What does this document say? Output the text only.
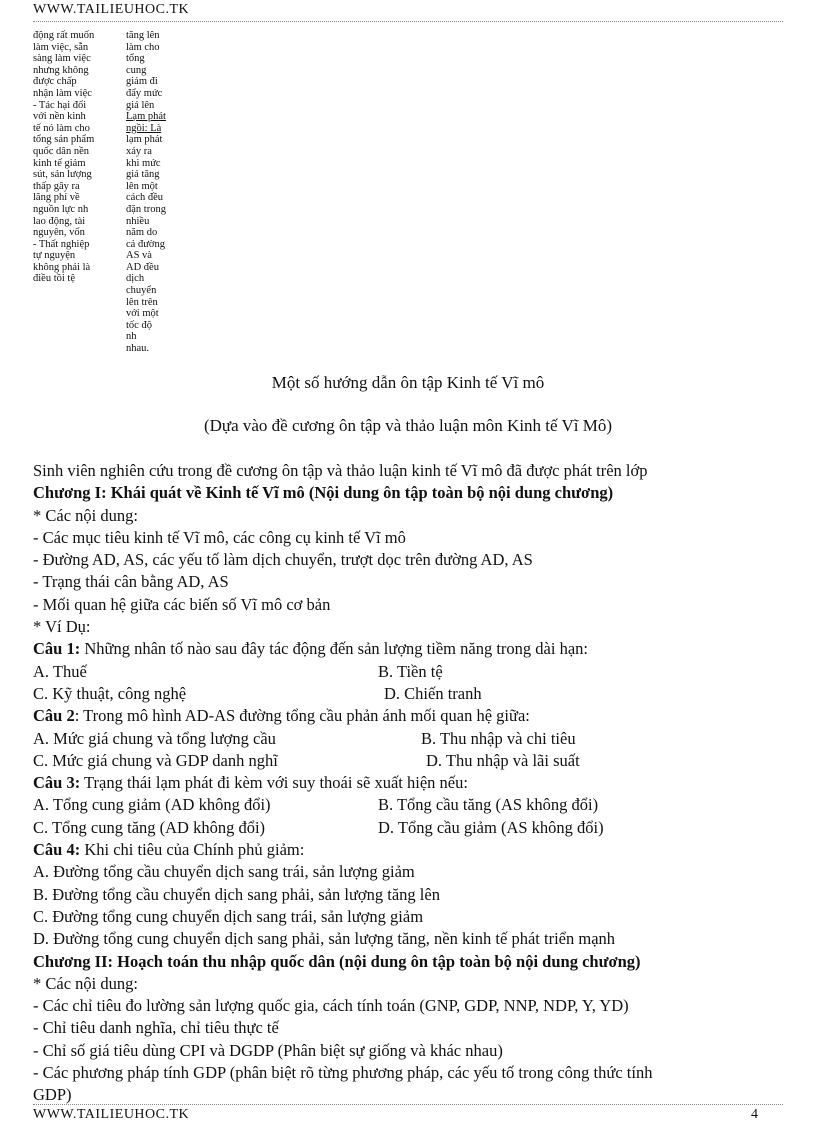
WWW.TAILIEUHOC.TK
động rất muốn
làm việc, sẵn
sàng làm việc
nhưng không
được chấp
nhận làm việc
- Tác hại đối
với nền kinh
tế nó làm cho
tổng sản phẩm
quốc dân nền
kinh tế giảm
sút, sản lượng
thấp gây ra
lãng phí về
nguồn lực nh
lao động, tài
nguyên, vốn
- Thất nghiệp
tự nguyện
không phải là
điều tồi tệ
tăng lên
làm cho
tổng
cung
giảm đi
đẩy mức
giá lên
Lạm phát
ngồi: Là
lạm phát
xảy ra
khi mức
giá tăng
lên một
cách đều
đặn trong
nhiều
năm do
cả đường
AS và
AD đều
dịch
chuyển
lên trên
với một
tốc độ
nh
nhau.
Một số hướng dẫn ôn tập Kinh tế Vĩ mô
(Dựa vào đề cương ôn tập và thảo luận môn Kinh tế Vĩ Mô)
Sinh viên nghiên cứu trong đề cương ôn tập và thảo luận kinh tế Vĩ mô đã được phát trên lớp
Chương I: Khái quát về Kinh tế Vĩ mô (Nội dung ôn tập toàn bộ nội dung chương)
* Các nội dung:
- Các mục tiêu kinh tế Vĩ mô, các công cụ kinh tế Vĩ mô
- Đường AD, AS, các yếu tố làm dịch chuyển, trượt dọc trên đường AD, AS
- Trạng thái cân bằng AD, AS
- Mối quan hệ giữa các biến số Vĩ mô cơ bản
* Ví Dụ:
Câu 1: Những nhân tố nào sau đây tác động đến sản lượng tiềm năng trong dài hạn:
A. Thuế	B. Tiền tệ
C. Kỹ thuật, công nghệ	D. Chiến tranh
Câu 2: Trong mô hình AD-AS đường tổng cầu phản ánh mối quan hệ giữa:
A. Mức giá chung và tổng lượng cầu	B. Thu nhập và chi tiêu
C. Mức giá chung và GDP danh nghĩ	D. Thu nhập và lãi suất
Câu 3: Trạng thái lạm phát đi kèm với suy thoái sẽ xuất hiện nếu:
A. Tổng cung giảm (AD không đổi)	B. Tổng cầu tăng (AS không đổi)
C. Tổng cung tăng (AD không đổi)	D. Tổng cầu giảm (AS không đổi)
Câu 4: Khi chi tiêu của Chính phủ giảm:
A. Đường tổng cầu chuyển dịch sang trái, sản lượng giảm
B. Đường tổng cầu chuyển dịch sang phải, sản lượng tăng lên
C. Đường tổng cung chuyển dịch sang trái, sản lượng giảm
D. Đường tổng cung chuyển dịch sang phải, sản lượng tăng, nền kinh tế phát triển mạnh
Chương II: Hoạch toán thu nhập quốc dân (nội dung ôn tập toàn bộ nội dung chương)
* Các nội dung:
- Các chỉ tiêu đo lường sản lượng quốc gia, cách tính toán (GNP, GDP, NNP, NDP, Y, YD)
- Chỉ tiêu danh nghĩa, chỉ tiêu thực tế
- Chỉ số giá tiêu dùng CPI và DGDP (Phân biệt sự giống và khác nhau)
- Các phương pháp tính GDP (phân biệt rõ từng phương pháp, các yếu tố trong công thức tính
GDP)
WWW.TAILIEUHOC.TK	4
